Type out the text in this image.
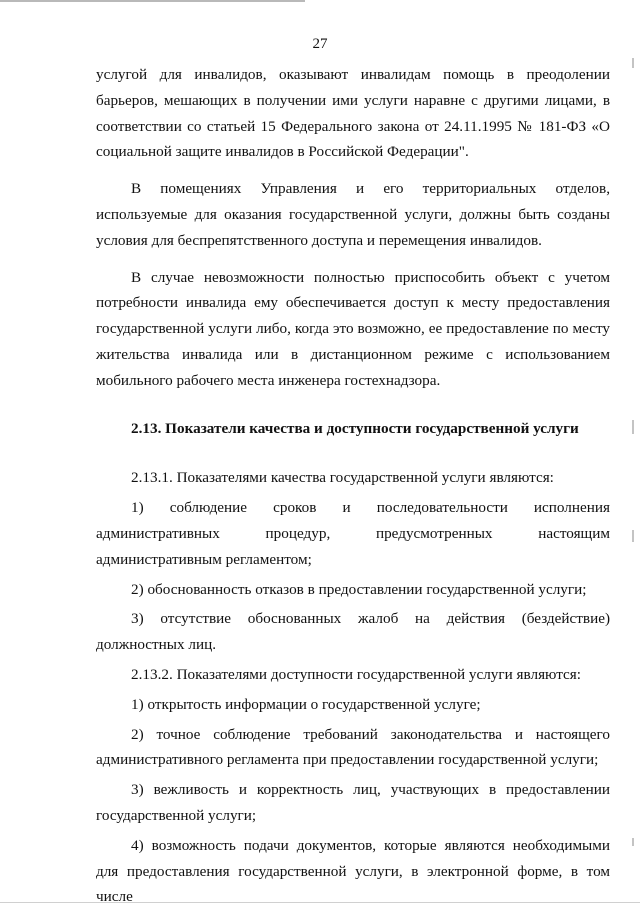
27

услугой для инвалидов, оказывают инвалидам помощь в преодолении барьеров, мешающих в получении ими услуги наравне с другими лицами, в соответствии со статьей 15 Федерального закона от 24.11.1995 № 181-ФЗ «О социальной защите инвалидов в Российской Федерации".

В помещениях Управления и его территориальных отделов, используемые для оказания государственной услуги, должны быть созданы условия для беспрепятственного доступа и перемещения инвалидов.

В случае невозможности полностью приспособить объект с учетом потребности инвалида ему обеспечивается доступ к месту предоставления государственной услуги либо, когда это возможно, ее предоставление по месту жительства инвалида или в дистанционном режиме с использованием мобильного рабочего места инженера гостехнадзора.

2.13. Показатели качества и доступности государственной услуги

2.13.1. Показателями качества государственной услуги являются:

1) соблюдение сроков и последовательности исполнения административных процедур, предусмотренных настоящим административным регламентом;

2) обоснованность отказов в предоставлении государственной услуги;

3) отсутствие обоснованных жалоб на действия (бездействие) должностных лиц.

2.13.2. Показателями доступности государственной услуги являются:

1) открытость информации о государственной услуге;

2) точное соблюдение требований законодательства и настоящего административного регламента при предоставлении государственной услуги;

3) вежливость и корректность лиц, участвующих в предоставлении государственной услуги;

4) возможность подачи документов, которые являются необходимыми для предоставления государственной услуги, в электронной форме, в том числе
